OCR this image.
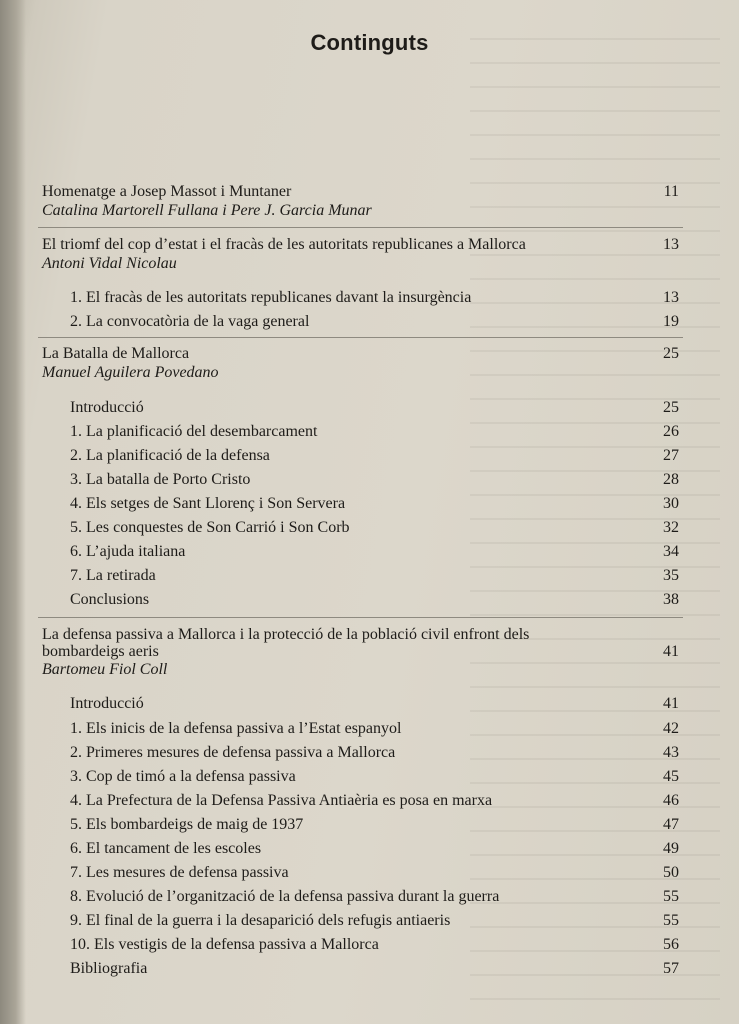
Continguts
Homenatge a Josep Massot i Muntaner	11
Catalina Martorell Fullana i Pere J. Garcia Munar
El triomf del cop d’estat i el fracàs de les autoritats republicanes a Mallorca	13
Antoni Vidal Nicolau
1. El fracàs de les autoritats republicanes davant la insurgència	13
2. La convocatòria de la vaga general	19
La Batalla de Mallorca	25
Manuel Aguilera Povedano
Introducció	25
1. La planificació del desembarcament	26
2. La planificació de la defensa	27
3. La batalla de Porto Cristo	28
4. Els setges de Sant Llorenç i Son Servera	30
5. Les conquestes de Son Carrió i Son Corb	32
6. L’ajuda italiana	34
7. La retirada	35
Conclusions	38
La defensa passiva a Mallorca i la protecció de la població civil enfront dels
bombardeigs aeris	41
Bartomeu Fiol Coll
Introducció	41
1. Els inicis de la defensa passiva a l’Estat espanyol	42
2. Primeres mesures de defensa passiva a Mallorca	43
3. Cop de timó a la defensa passiva	45
4. La Prefectura de la Defensa Passiva Antiaèria es posa en marxa	46
5. Els bombardeigs de maig de 1937	47
6. El tancament de les escoles	49
7. Les mesures de defensa passiva	50
8. Evolució de l’organització de la defensa passiva durant la guerra	55
9. El final de la guerra i la desaparició dels refugis antiaeris	55
10. Els vestigis de la defensa passiva a Mallorca	56
Bibliografia	57
